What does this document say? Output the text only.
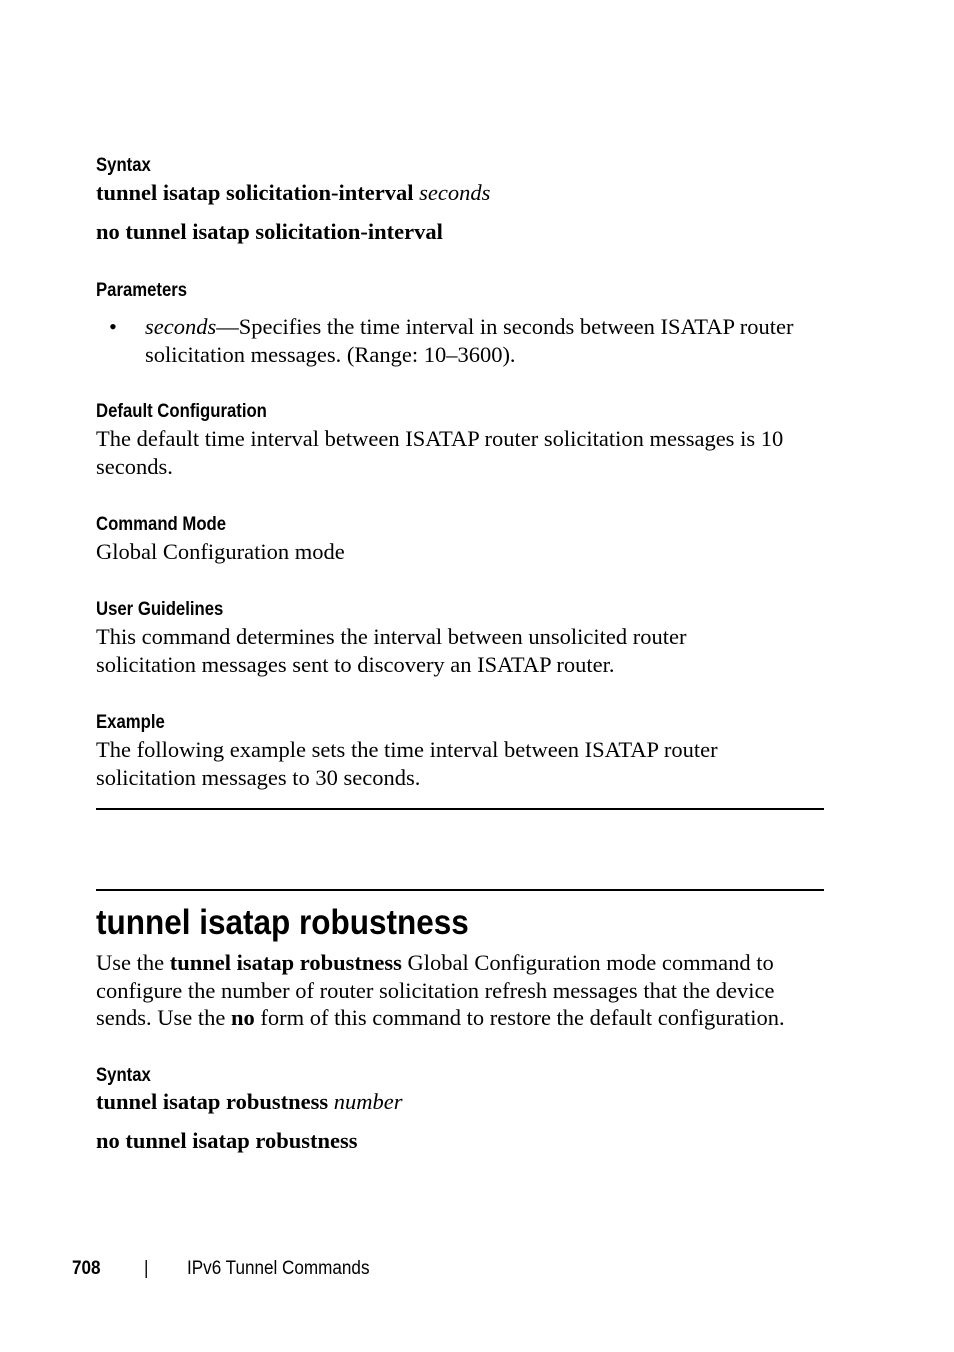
Syntax
tunnel isatap solicitation-interval seconds
no tunnel isatap solicitation-interval
Parameters
• seconds—Specifies the time interval in seconds between ISATAP router
solicitation messages. (Range: 10–3600).
Default Configuration
The default time interval between ISATAP router solicitation messages is 10
seconds.
Command Mode
Global Configuration mode
User Guidelines
This command determines the interval between unsolicited router
solicitation messages sent to discovery an ISATAP router.
Example
The following example sets the time interval between ISATAP router
solicitation messages to 30 seconds.
tunnel isatap robustness
Use the tunnel isatap robustness Global Configuration mode command to
configure the number of router solicitation refresh messages that the device
sends. Use the no form of this command to restore the default configuration.
Syntax
tunnel isatap robustness number
no tunnel isatap robustness
708 | IPv6 Tunnel Commands
